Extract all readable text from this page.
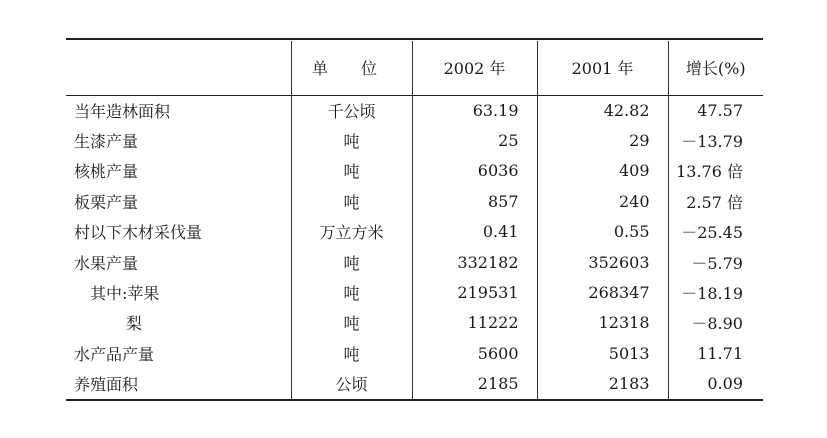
	单 位	2002 年	2001 年	增长(%)
当年造林面积	千公顷	63.19	42.82	47.57
生漆产量	吨	25	29	－13.79
核桃产量	吨	6036	409	13.76 倍
板栗产量	吨	857	240	2.57 倍
村以下木材采伐量	万立方米	0.41	0.55	－25.45
水果产量	吨	332182	352603	－5.79
其中:苹果	吨	219531	268347	－18.19
梨	吨	11222	12318	－8.90
水产品产量	吨	5600	5013	11.71
养殖面积	公顷	2185	2183	0.09
